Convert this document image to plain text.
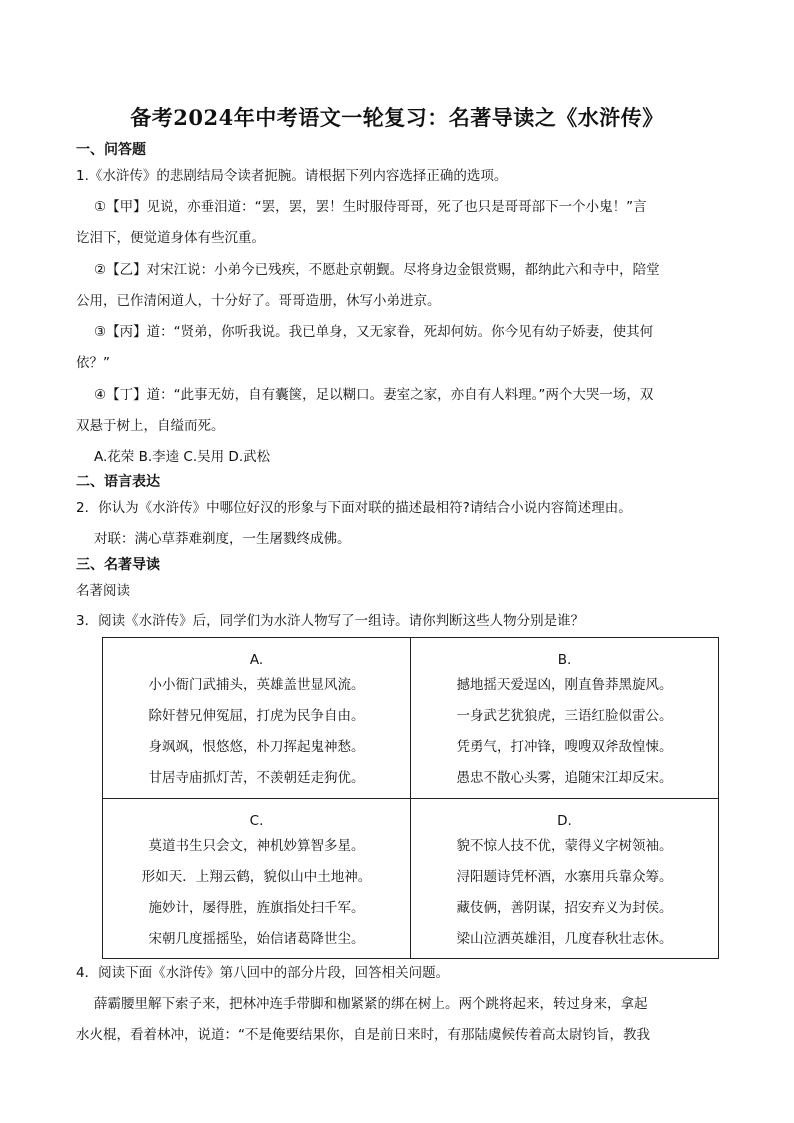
备考2024年中考语文一轮复习：名著导读之《水浒传》
一、问答题
1.《水浒传》的悲剧结局令读者扼腕。请根据下列内容选择正确的选项。
①【甲】见说，亦垂泪道：“罢，罢，罢！生时服侍哥哥，死了也只是哥哥部下一个小鬼！”言
讫泪下，便觉道身体有些沉重。
②【乙】对宋江说：小弟今已残疾，不愿赴京朝觐。尽将身边金银赏赐，都纳此六和寺中，陪堂
公用，已作清闲道人，十分好了。哥哥造册，休写小弟进京。
③【丙】道：“贤弟，你听我说。我已单身，又无家眷，死却何妨。你今见有幼子娇妻，使其何
依？”
④【丁】道：“此事无妨，自有囊箧，足以糊口。妻室之家，亦自有人料理。”两个大哭一场，双
双悬于树上，自缢而死。
A.花荣 B.李逵 C.吴用 D.武松
二、语言表达
2．你认为《水浒传》中哪位好汉的形象与下面对联的描述最相符?请结合小说内容简述理由。
对联：满心草莽难剃度，一生屠戮终成佛。
三、名著导读
名著阅读
3．阅读《水浒传》后，同学们为水浒人物写了一组诗。请你判断这些人物分别是谁？
A.
小小衙门武捕头，英雄盖世显风流。
除奸替兄伸冤屈，打虎为民争自由。
身飒飒，恨悠悠，朴刀挥起鬼神愁。
甘居寺庙抓灯苦，不羡朝廷走狗优。	B.
撼地摇天爱逞凶，刚直鲁莽黑旋风。
一身武艺犹狼虎，三语红脸似雷公。
凭勇气，打冲锋，嗖嗖双斧敌惶悚。
愚忠不散心头雾，追随宋江却反宋。

C.
莫道书生只会文，神机妙算智多星。
形如天．上翔云鹤，貌似山中土地神。
施妙计，屡得胜，旌旗指处扫千军。
宋朝几度摇摇坠，始信诸葛降世尘。	D.
貌不惊人技不优，蒙得义字树领袖。
浔阳题诗凭杯酒，水寨用兵靠众筹。
藏伎俩，善阴谋，招安弃义为封侯。
梁山泣洒英雄泪，几度春秋壮志休。
4．阅读下面《水浒传》第八回中的部分片段，回答相关问题。
薛霸腰里解下索子来，把林冲连手带脚和枷紧紧的绑在树上。两个跳将起来，转过身来，拿起
水火棍，看着林冲，说道：“不是俺要结果你，自是前日来时，有那陆虞候传着高太尉钧旨，教我
